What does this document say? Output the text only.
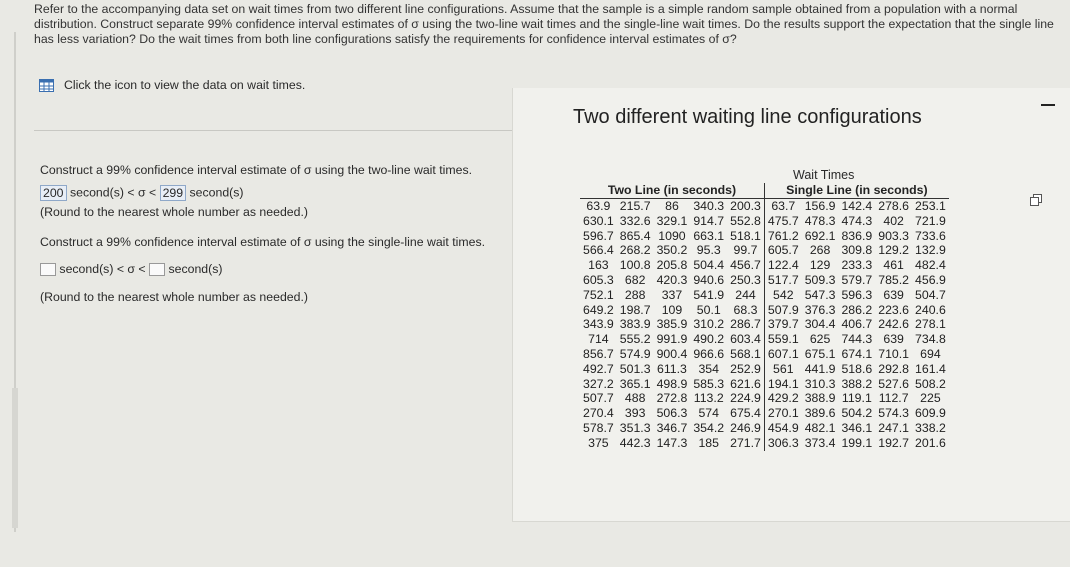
Refer to the accompanying data set on wait times from two different line configurations. Assume that the sample is a simple random sample obtained from a population with a normal distribution. Construct separate 99% confidence interval estimates of σ using the two-line wait times and the single-line wait times. Do the results support the expectation that the single line has less variation? Do the wait times from both line configurations satisfy the requirements for confidence interval estimates of σ?
Click the icon to view the data on wait times.
Construct a 99% confidence interval estimate of σ using the two-line wait times.
200 second(s) < σ < 299 second(s)
(Round to the nearest whole number as needed.)
Construct a 99% confidence interval estimate of σ using the single-line wait times.
second(s) < σ < second(s)
(Round to the nearest whole number as needed.)
Two different waiting line configurations
Wait Times
Two Line (in seconds)					Single Line (in seconds)				
63.9	215.7	86	340.3	200.3	63.7	156.9	142.4	278.6	253.1
630.1	332.6	329.1	914.7	552.8	475.7	478.3	474.3	402	721.9
596.7	865.4	1090	663.1	518.1	761.2	692.1	836.9	903.3	733.6
566.4	268.2	350.2	95.3	99.7	605.7	268	309.8	129.2	132.9
163	100.8	205.8	504.4	456.7	122.4	129	233.3	461	482.4
605.3	682	420.3	940.6	250.3	517.7	509.3	579.7	785.2	456.9
752.1	288	337	541.9	244	542	547.3	596.3	639	504.7
649.2	198.7	109	50.1	68.3	507.9	376.3	286.2	223.6	240.6
343.9	383.9	385.9	310.2	286.7	379.7	304.4	406.7	242.6	278.1
714	555.2	991.9	490.2	603.4	559.1	625	744.3	639	734.8
856.7	574.9	900.4	966.6	568.1	607.1	675.1	674.1	710.1	694
492.7	501.3	611.3	354	252.9	561	441.9	518.6	292.8	161.4
327.2	365.1	498.9	585.3	621.6	194.1	310.3	388.2	527.6	508.2
507.7	488	272.8	113.2	224.9	429.2	388.9	119.1	112.7	225
270.4	393	506.3	574	675.4	270.1	389.6	504.2	574.3	609.9
578.7	351.3	346.7	354.2	246.9	454.9	482.1	346.1	247.1	338.2
375	442.3	147.3	185	271.7	306.3	373.4	199.1	192.7	201.6
